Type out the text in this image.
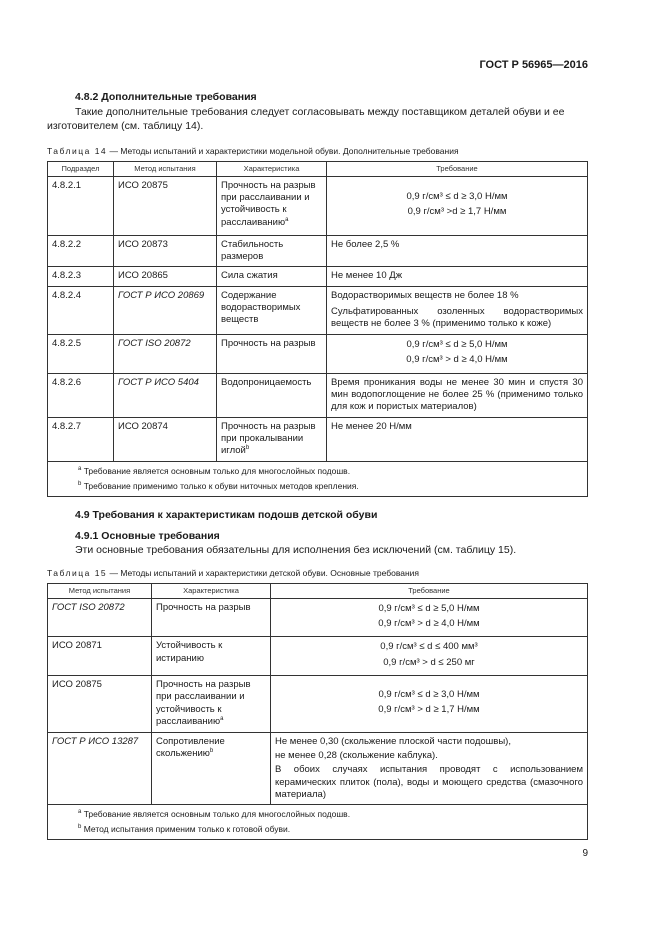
ГОСТ Р 56965—2016
4.8.2 Дополнительные требования
Такие дополнительные требования следует согласовывать между поставщиком деталей обуви и ее изготовителем (см. таблицу 14).
Таблица 14 — Методы испытаний и характеристики модельной обуви. Дополнительные требования
Подраздел	Метод испытания	Характеристика	Требование
4.8.2.1	ИСО 20875	Прочность на разрыв при расслаивании и устойчивость к расслаиванию$^а$	0,9 г/см³ ≤ d ≥ 3,0 Н/мм
0,9 г/см³ >d ≥ 1,7 Н/мм

4.8.2.2	ИСО 20873	Стабильность размеров	Не более 2,5 %
4.8.2.3	ИСО 20865	Сила сжатия	Не менее 10 Дж
4.8.2.4	ГОСТ Р ИСО 20869	Содержание водорастворимых веществ	Водорастворимых веществ не более 18 %
Сульфатированных озоленных водорастворимых веществ не более 3 % (применимо только к коже)

4.8.2.5	ГОСТ ISO 20872	Прочность на разрыв	0,9 г/см³ ≤ d ≥ 5,0 Н/мм
0,9 г/см³ > d ≥ 4,0 Н/мм

4.8.2.6	ГОСТ Р ИСО 5404	Водопроницаемость	Время проникания воды не менее 30 мин и спустя 30 мин водопоглощение не более 25 % (применимо только для кож и пористых материалов)
4.8.2.7	ИСО 20874	Прочность на разрыв при прокалывании иглой$^b$	Не менее 20 Н/мм
$^а$ Требование является основным только для многослойных подошв.			
$^b$ Требование применимо только к обуви ниточных методов крепления.			
4.9 Требования к характеристикам подошв детской обуви
4.9.1 Основные требования
Эти основные требования обязательны для исполнения без исключений (см. таблицу 15).
Таблица 15 — Методы испытаний и характеристики детской обуви. Основные требования
Метод испытания	Характеристика	Требование
ГОСТ ISO 20872	Прочность на разрыв	0,9 г/см³ ≤ d ≥ 5,0 Н/мм
0,9 г/см³ > d ≥ 4,0 Н/мм

ИСО 20871	Устойчивость к истиранию	0,9 г/см³ ≤ d ≤ 400 мм³
0,9 г/см³ > d ≤ 250 мг

ИСО 20875	Прочность на разрыв при расслаивании и устойчивость к расслаиванию$^а$	0,9 г/см³ ≤ d ≥ 3,0 Н/мм
0,9 г/см³ > d ≥ 1,7 Н/мм

ГОСТ Р ИСО 13287	Сопротивление скольжению$^b$	Не менее 0,30 (скольжение плоской части подошвы),
не менее 0,28 (скольжение каблука).
В обоих случаях испытания проводят с использованием керамических плиток (пола), воды и моющего средства (смазочного материала)

$^а$ Требование является основным только для многослойных подошв.		
$^b$ Метод испытания применим только к готовой обуви.		
9
